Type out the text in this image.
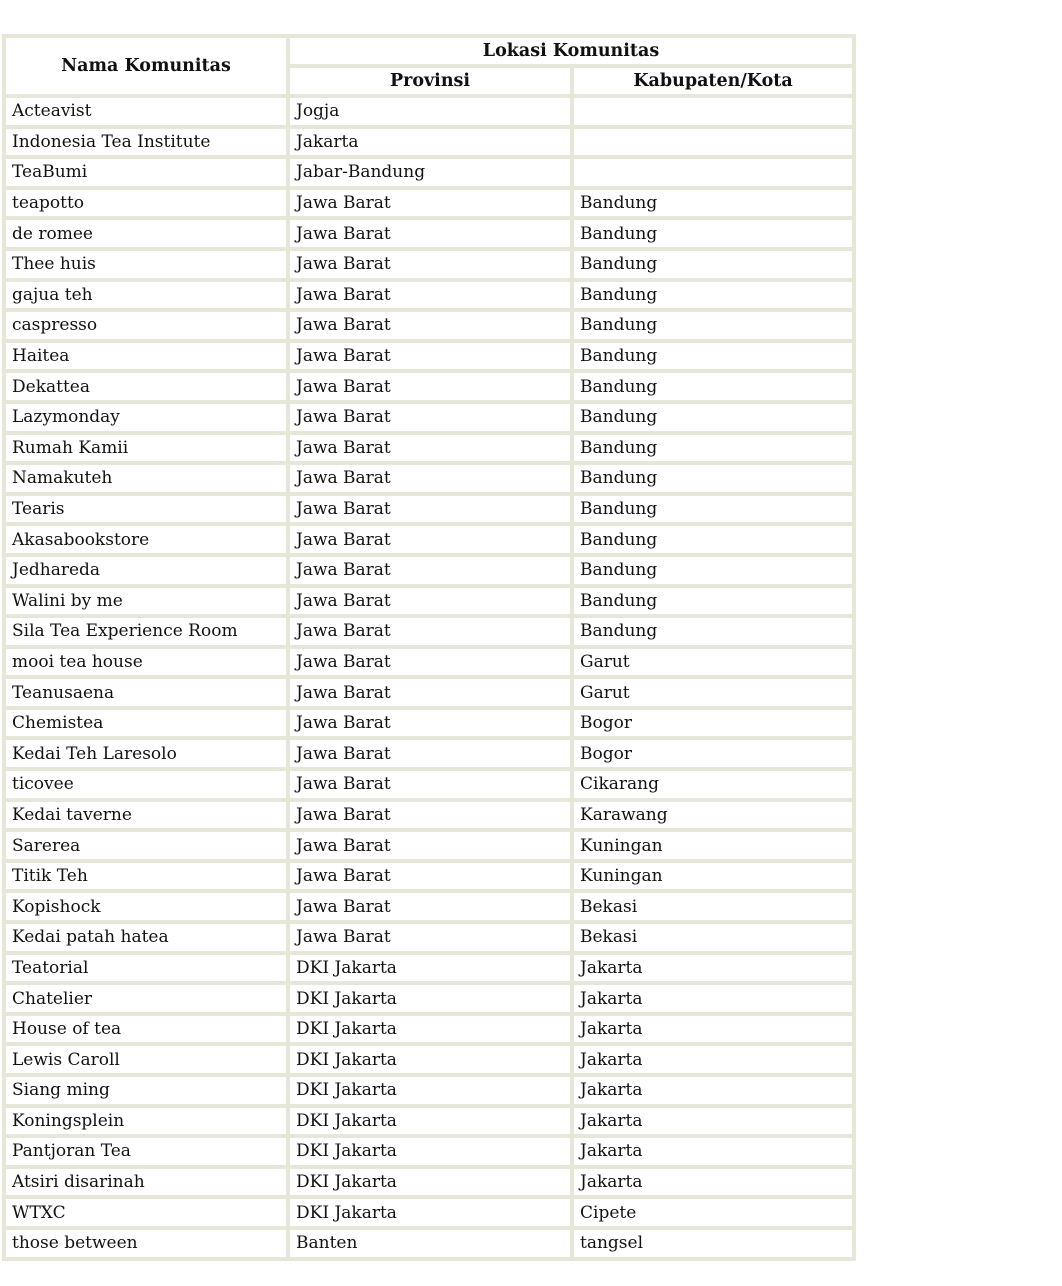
Nama Komunitas	Lokasi Komunitas	
	Provinsi	Kabupaten/Kota
Acteavist	Jogja	
Indonesia Tea Institute	Jakarta	
TeaBumi	Jabar-Bandung	
teapotto	Jawa Barat	Bandung
de romee	Jawa Barat	Bandung
Thee huis	Jawa Barat	Bandung
gajua teh	Jawa Barat	Bandung
caspresso	Jawa Barat	Bandung
Haitea	Jawa Barat	Bandung
Dekattea	Jawa Barat	Bandung
Lazymonday	Jawa Barat	Bandung
Rumah Kamii	Jawa Barat	Bandung
Namakuteh	Jawa Barat	Bandung
Tearis	Jawa Barat	Bandung
Akasabookstore	Jawa Barat	Bandung
Jedhareda	Jawa Barat	Bandung
Walini by me	Jawa Barat	Bandung
Sila Tea Experience Room	Jawa Barat	Bandung
mooi tea house	Jawa Barat	Garut
Teanusaena	Jawa Barat	Garut
Chemistea	Jawa Barat	Bogor
Kedai Teh Laresolo	Jawa Barat	Bogor
ticovee	Jawa Barat	Cikarang
Kedai taverne	Jawa Barat	Karawang
Sarerea	Jawa Barat	Kuningan
Titik Teh	Jawa Barat	Kuningan
Kopishock	Jawa Barat	Bekasi
Kedai patah hatea	Jawa Barat	Bekasi
Teatorial	DKI Jakarta	Jakarta
Chatelier	DKI Jakarta	Jakarta
House of tea	DKI Jakarta	Jakarta
Lewis Caroll	DKI Jakarta	Jakarta
Siang ming	DKI Jakarta	Jakarta
Koningsplein	DKI Jakarta	Jakarta
Pantjoran Tea	DKI Jakarta	Jakarta
Atsiri disarinah	DKI Jakarta	Jakarta
WTXC	DKI Jakarta	Cipete
those between	Banten	tangsel
